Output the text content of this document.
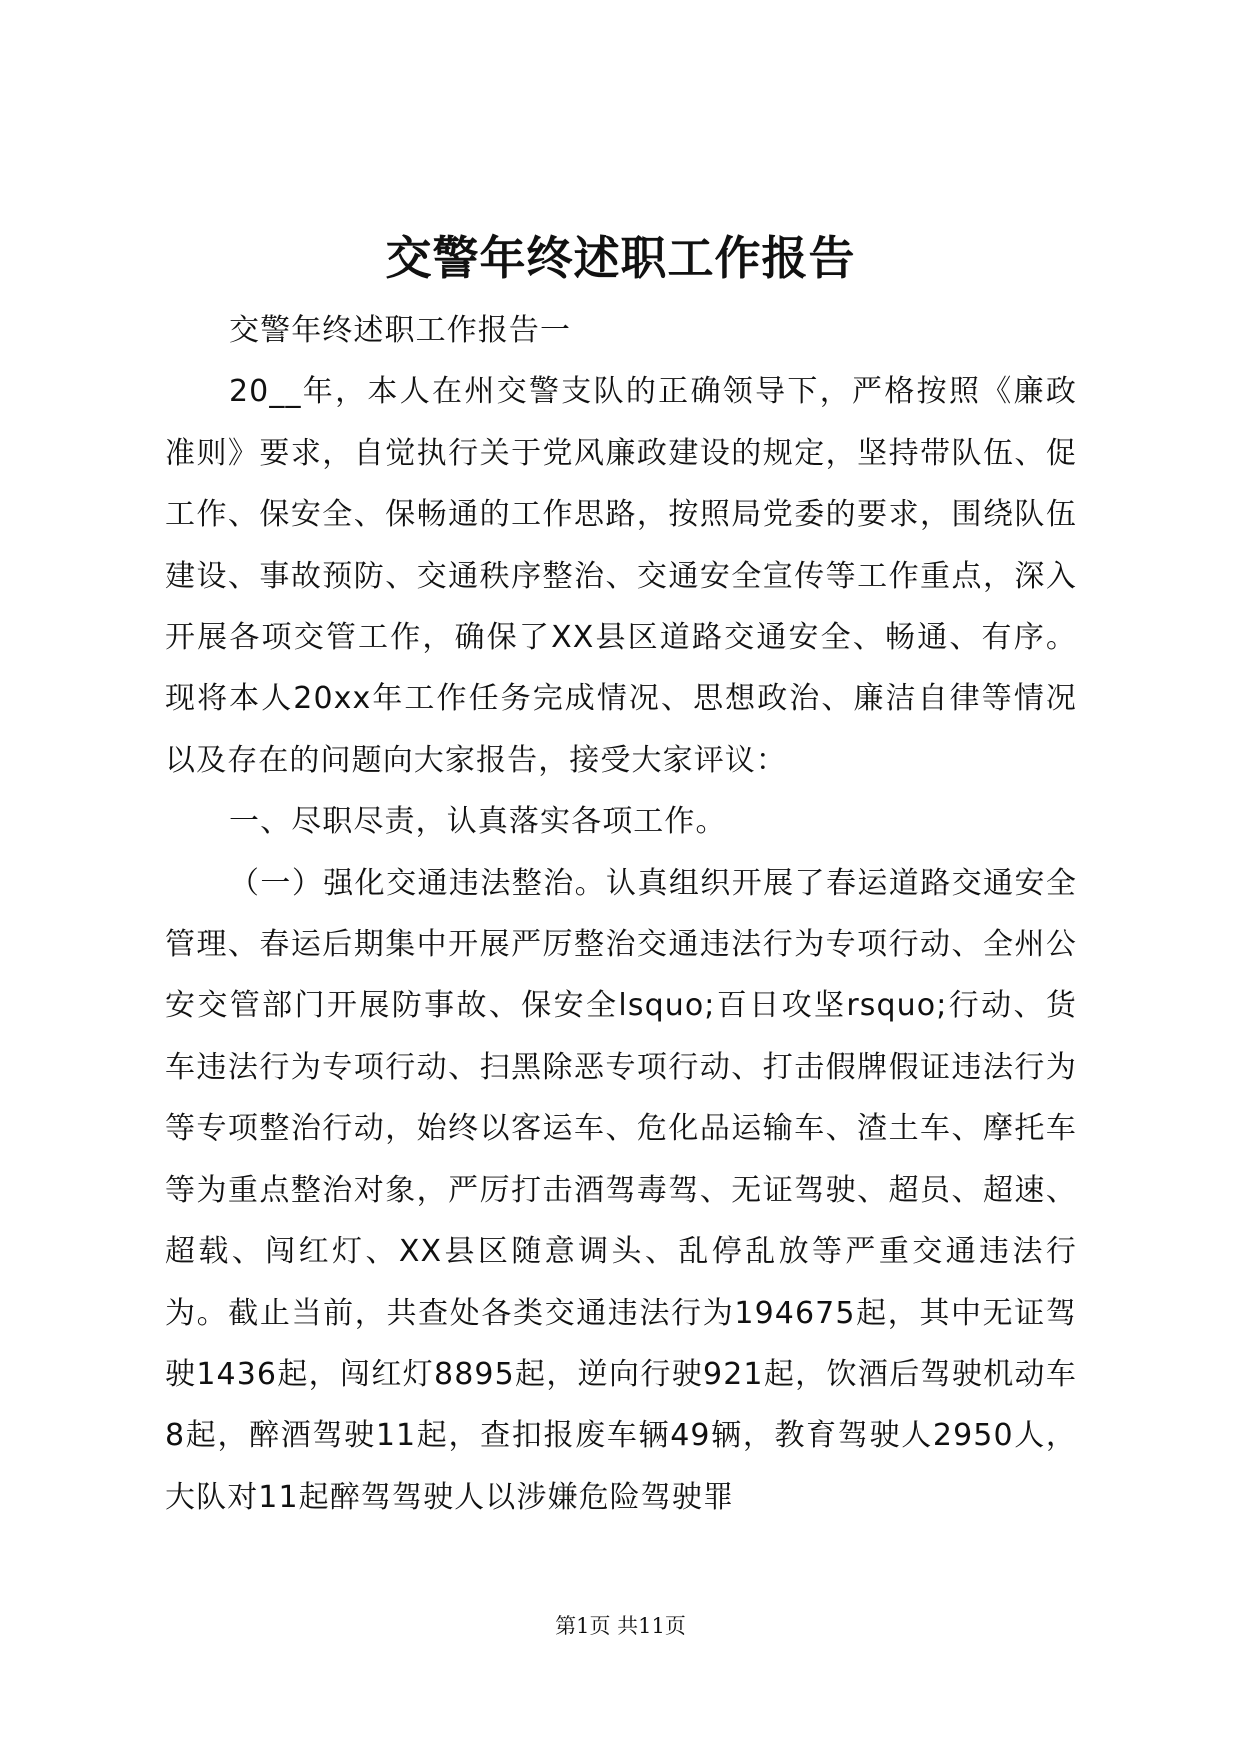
交警年终述职工作报告

交警年终述职工作报告一

20__年，本人在州交警支队的正确领导下，严格按照《廉政准则》要求，自觉执行关于党风廉政建设的规定，坚持带队伍、促工作、保安全、保畅通的工作思路，按照局党委的要求，围绕队伍建设、事故预防、交通秩序整治、交通安全宣传等工作重点，深入开展各项交管工作，确保了XX县区道路交通安全、畅通、有序。现将本人20xx年工作任务完成情况、思想政治、廉洁自律等情况以及存在的问题向大家报告，接受大家评议：

一、尽职尽责，认真落实各项工作。

（一）强化交通违法整治。认真组织开展了春运道路交通安全管理、春运后期集中开展严厉整治交通违法行为专项行动、全州公安交管部门开展防事故、保安全lsquo;百日攻坚rsquo;行动、货车违法行为专项行动、扫黑除恶专项行动、打击假牌假证违法行为等专项整治行动，始终以客运车、危化品运输车、渣土车、摩托车等为重点整治对象，严厉打击酒驾毒驾、无证驾驶、超员、超速、超载、闯红灯、XX县区随意调头、乱停乱放等严重交通违法行为。截止当前，共查处各类交通违法行为194675起，其中无证驾驶1436起，闯红灯8895起，逆向行驶921起，饮酒后驾驶机动车8起，醉酒驾驶11起，查扣报废车辆49辆，教育驾驶人2950人，大队对11起醉驾驾驶人以涉嫌危险驾驶罪

第1页 共11页
